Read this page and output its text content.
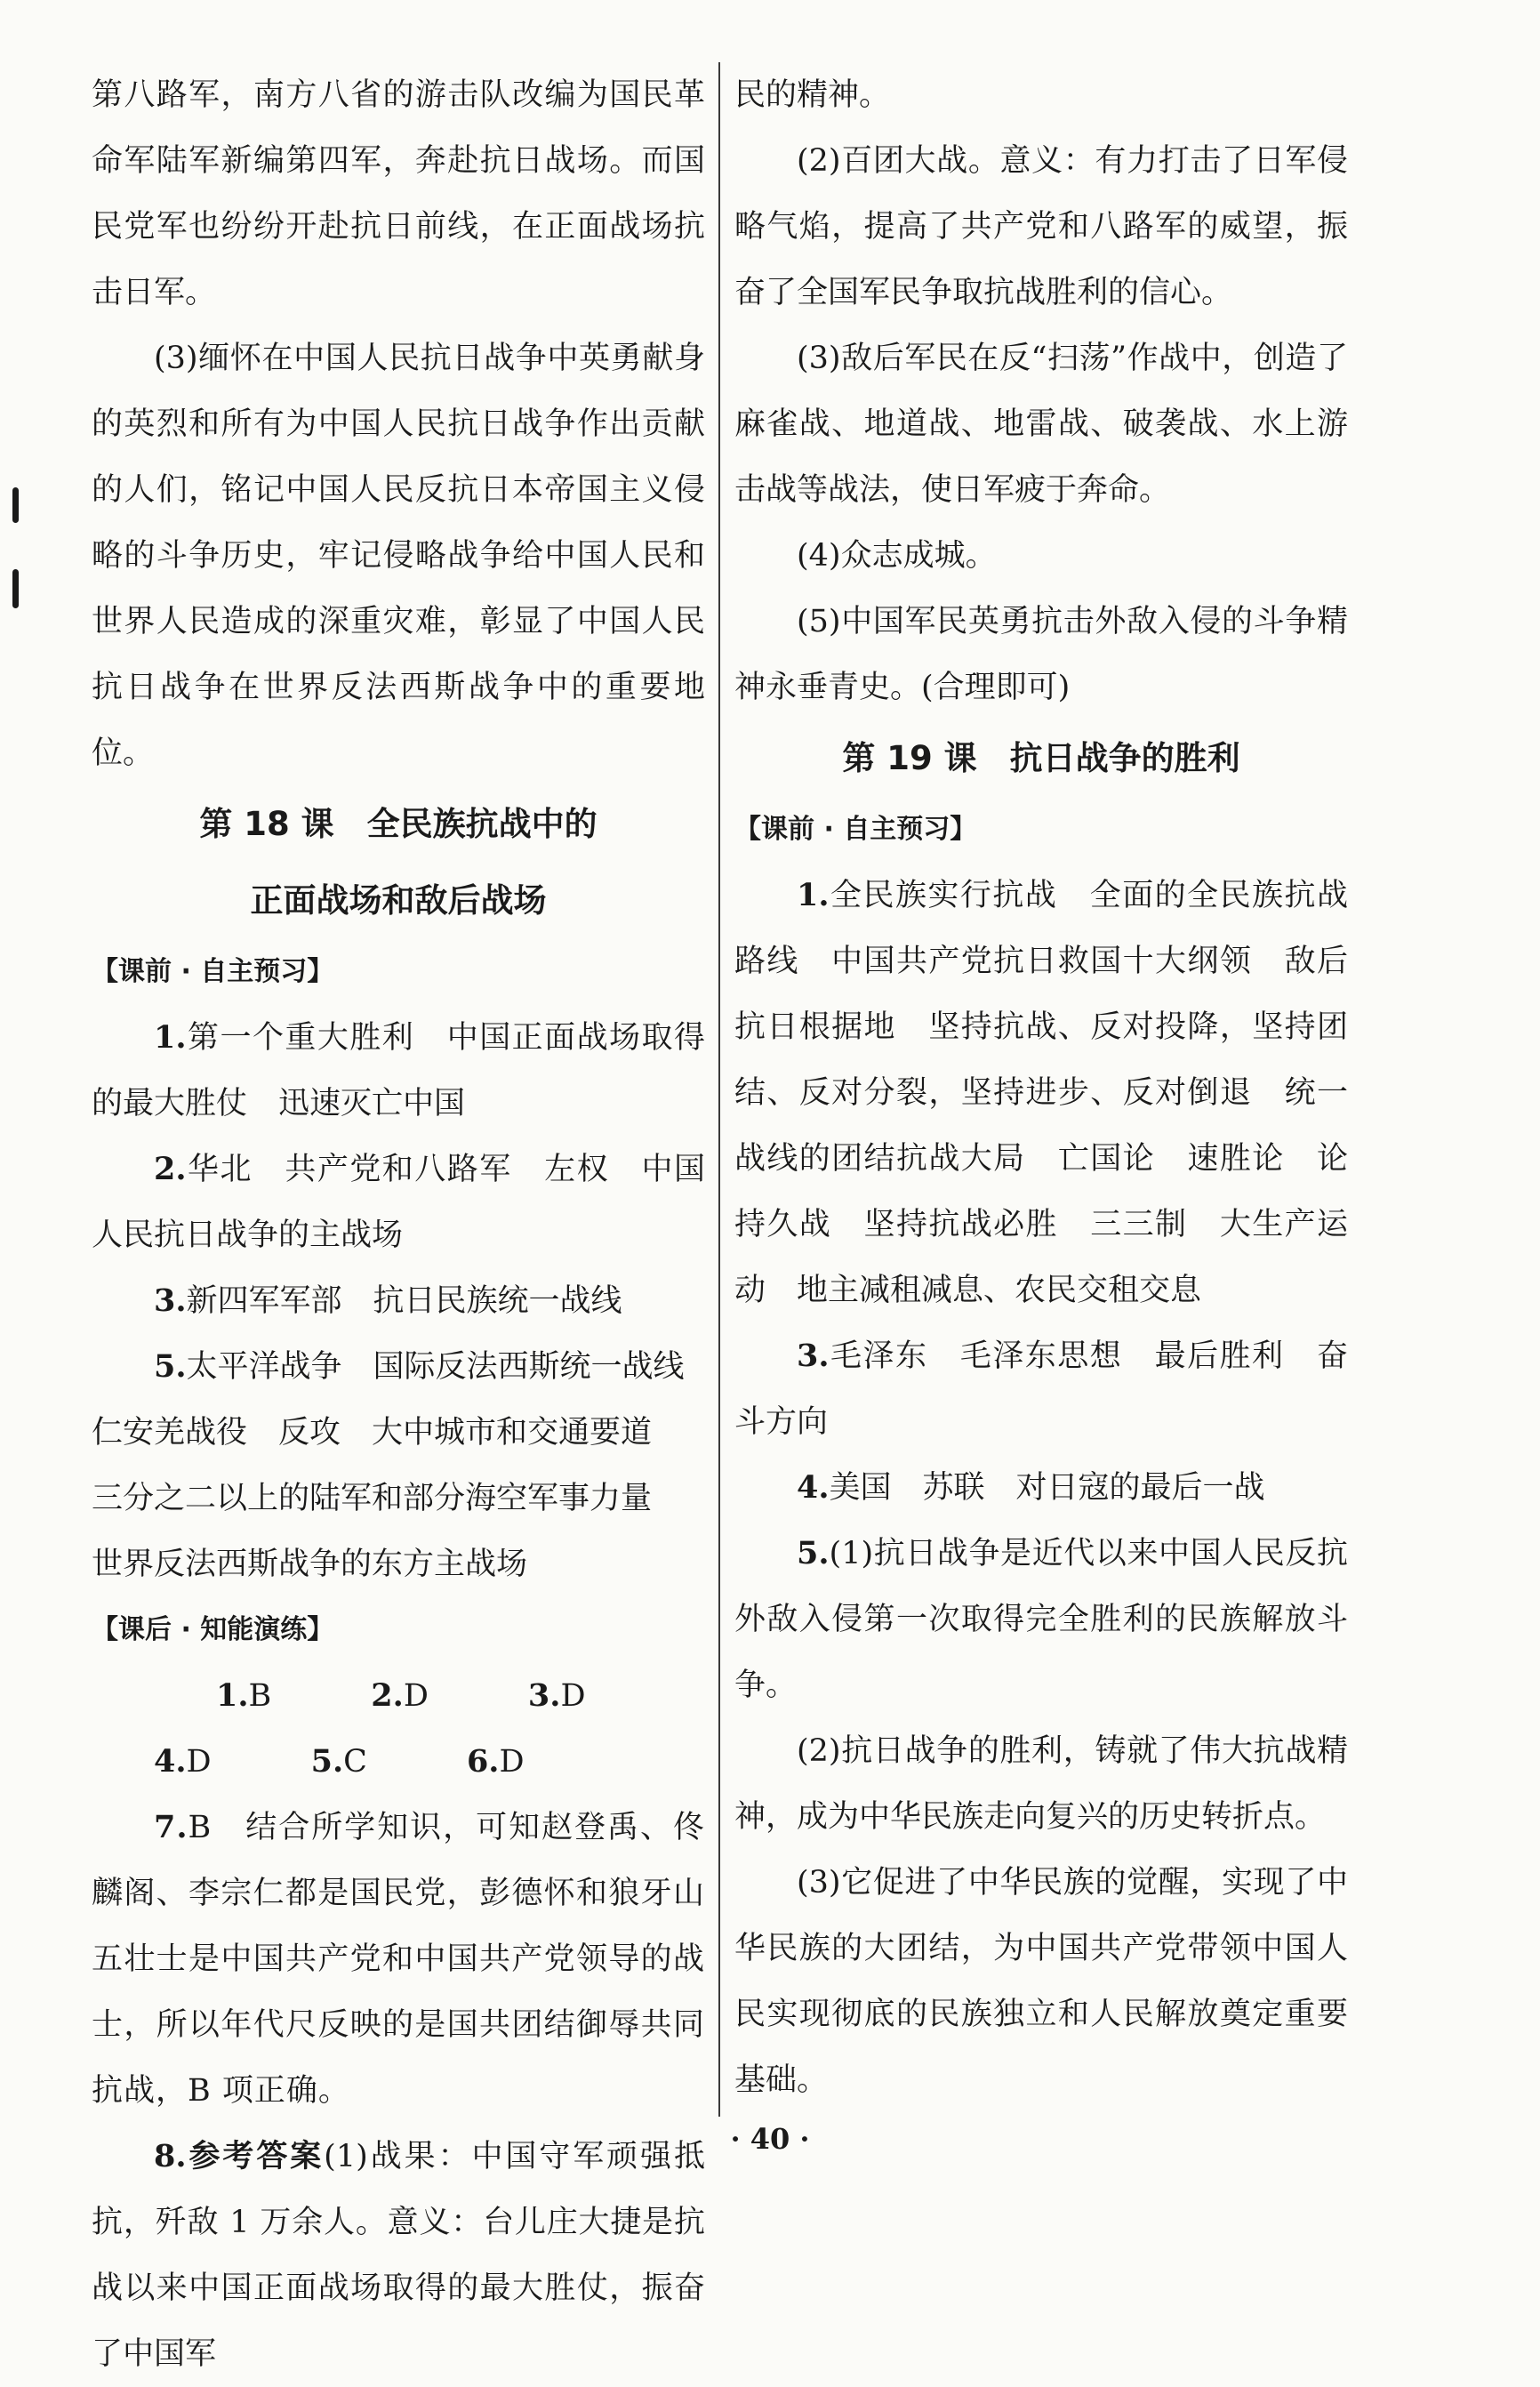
第八路军，南方八省的游击队改编为国民革命军陆军新编第四军，奔赴抗日战场。而国民党军也纷纷开赴抗日前线，在正面战场抗击日军。

(3)缅怀在中国人民抗日战争中英勇献身的英烈和所有为中国人民抗日战争作出贡献的人们，铭记中国人民反抗日本帝国主义侵略的斗争历史，牢记侵略战争给中国人民和世界人民造成的深重灾难，彰显了中国人民抗日战争在世界反法西斯战争中的重要地位。

第 18 课　全民族抗战中的

正面战场和敌后战场

【课前 · 自主预习】

1.第一个重大胜利　中国正面战场取得的最大胜仗　迅速灭亡中国

2.华北　共产党和八路军　左权　中国人民抗日战争的主战场

3.新四军军部　抗日民族统一战线

5.太平洋战争　国际反法西斯统一战线

仁安羌战役　反攻　大中城市和交通要道

三分之二以上的陆军和部分海空军事力量

世界反法西斯战争的东方主战场

【课后 · 知能演练】

1.B	2.D	3.D4.D	5.C	6.D

7.B　结合所学知识，可知赵登禹、佟麟阁、李宗仁都是国民党，彭德怀和狼牙山五壮士是中国共产党和中国共产党领导的战士，所以年代尺反映的是国共团结御辱共同抗战，B 项正确。

8.参考答案(1)战果：中国守军顽强抵抗，歼敌 1 万余人。意义：台儿庄大捷是抗战以来中国正面战场取得的最大胜仗，振奋了中国军

民的精神。

(2)百团大战。意义：有力打击了日军侵略气焰，提高了共产党和八路军的威望，振奋了全国军民争取抗战胜利的信心。

(3)敌后军民在反“扫荡”作战中，创造了麻雀战、地道战、地雷战、破袭战、水上游击战等战法，使日军疲于奔命。

(4)众志成城。

(5)中国军民英勇抗击外敌入侵的斗争精神永垂青史。(合理即可)

第 19 课　抗日战争的胜利

【课前 · 自主预习】

1.全民族实行抗战　全面的全民族抗战路线　中国共产党抗日救国十大纲领　敌后抗日根据地　坚持抗战、反对投降，坚持团结、反对分裂，坚持进步、反对倒退　统一战线的团结抗战大局　亡国论　速胜论　论持久战　坚持抗战必胜　三三制　大生产运动　地主减租减息、农民交租交息

3.毛泽东　毛泽东思想　最后胜利　奋斗方向

4.美国　苏联　对日寇的最后一战

5.(1)抗日战争是近代以来中国人民反抗外敌入侵第一次取得完全胜利的民族解放斗争。

(2)抗日战争的胜利，铸就了伟大抗战精神，成为中华民族走向复兴的历史转折点。

(3)它促进了中华民族的觉醒，实现了中华民族的大团结，为中国共产党带领中国人民实现彻底的民族独立和人民解放奠定重要基础。

· 40 ·
